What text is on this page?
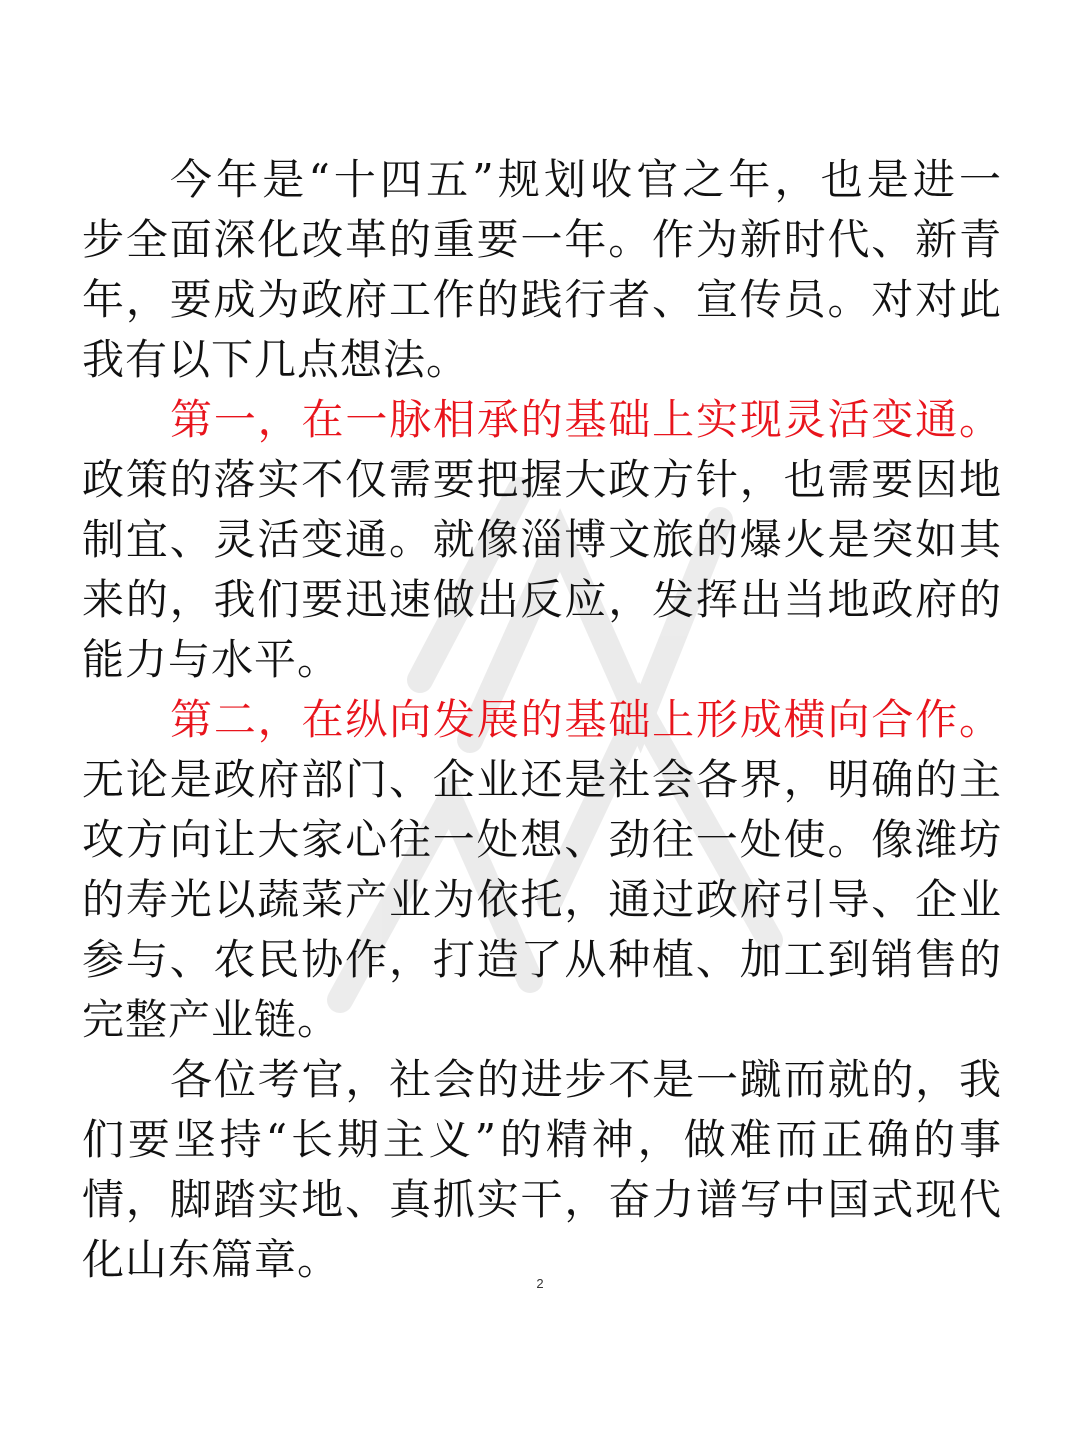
今年是“十四五”规划收官之年，也是进一
步全面深化改革的重要一年。作为新时代、新青
年，要成为政府工作的践行者、宣传员。对对此
我有以下几点想法。
第一，在一脉相承的基础上实现灵活变通。
政策的落实不仅需要把握大政方针，也需要因地
制宜、灵活变通。就像淄博文旅的爆火是突如其
来的，我们要迅速做出反应，发挥出当地政府的
能力与水平。
第二，在纵向发展的基础上形成横向合作。
无论是政府部门、企业还是社会各界，明确的主
攻方向让大家心往一处想、劲往一处使。像潍坊
的寿光以蔬菜产业为依托，通过政府引导、企业
参与、农民协作，打造了从种植、加工到销售的
完整产业链。
各位考官，社会的进步不是一蹴而就的，我
们要坚持“长期主义”的精神，做难而正确的事
情，脚踏实地、真抓实干，奋力谱写中国式现代
化山东篇章。	2
